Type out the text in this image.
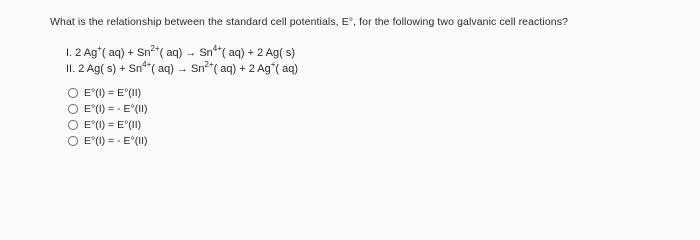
What is the relationship between the standard cell potentials, E°, for the following two galvanic cell reactions?
I. 2 Ag+( $aq) + Sn^{2+}$( $aq) \to Sn^{4+}$( aq) + 2 Ag( s)
II. 2 Ag( $s) + Sn^{4+}$( $aq) \to Sn^{2+}$( aq) + 2 Ag+( aq)
E°(I) = E°(II)
E°(I) = - E°(II)
E°(I) = E°(II)
E°(I) = - E°(II)
